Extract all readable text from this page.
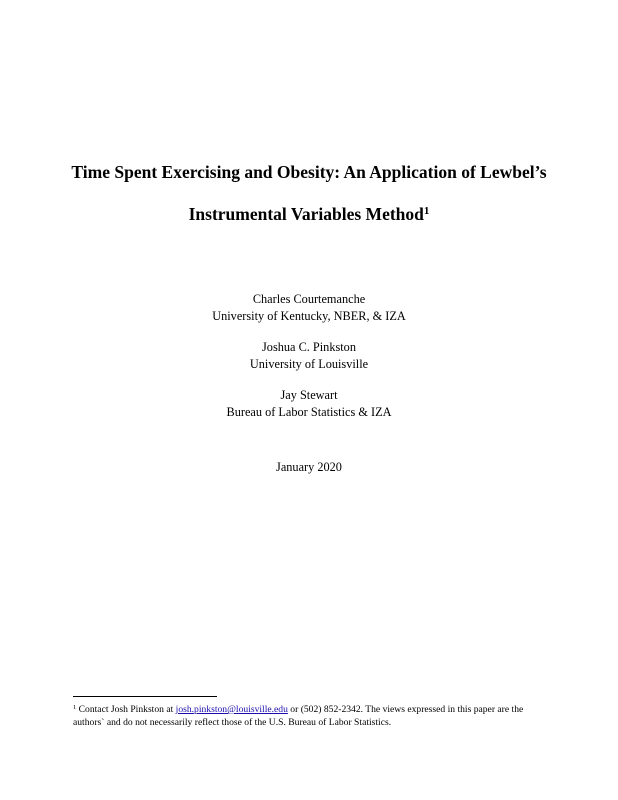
Time Spent Exercising and Obesity: An Application of Lewbel’s
Instrumental Variables Method$^1$
Charles Courtemanche
University of Kentucky, NBER, & IZA
Joshua C. Pinkston
University of Louisville
Jay Stewart
Bureau of Labor Statistics & IZA
January 2020
$^1$ Contact Josh Pinkston at josh.pinkston@louisville.edu or (502) 852-2342. The views expressed in this paper are the authors` and do not necessarily reflect those of the U.S. Bureau of Labor Statistics.
